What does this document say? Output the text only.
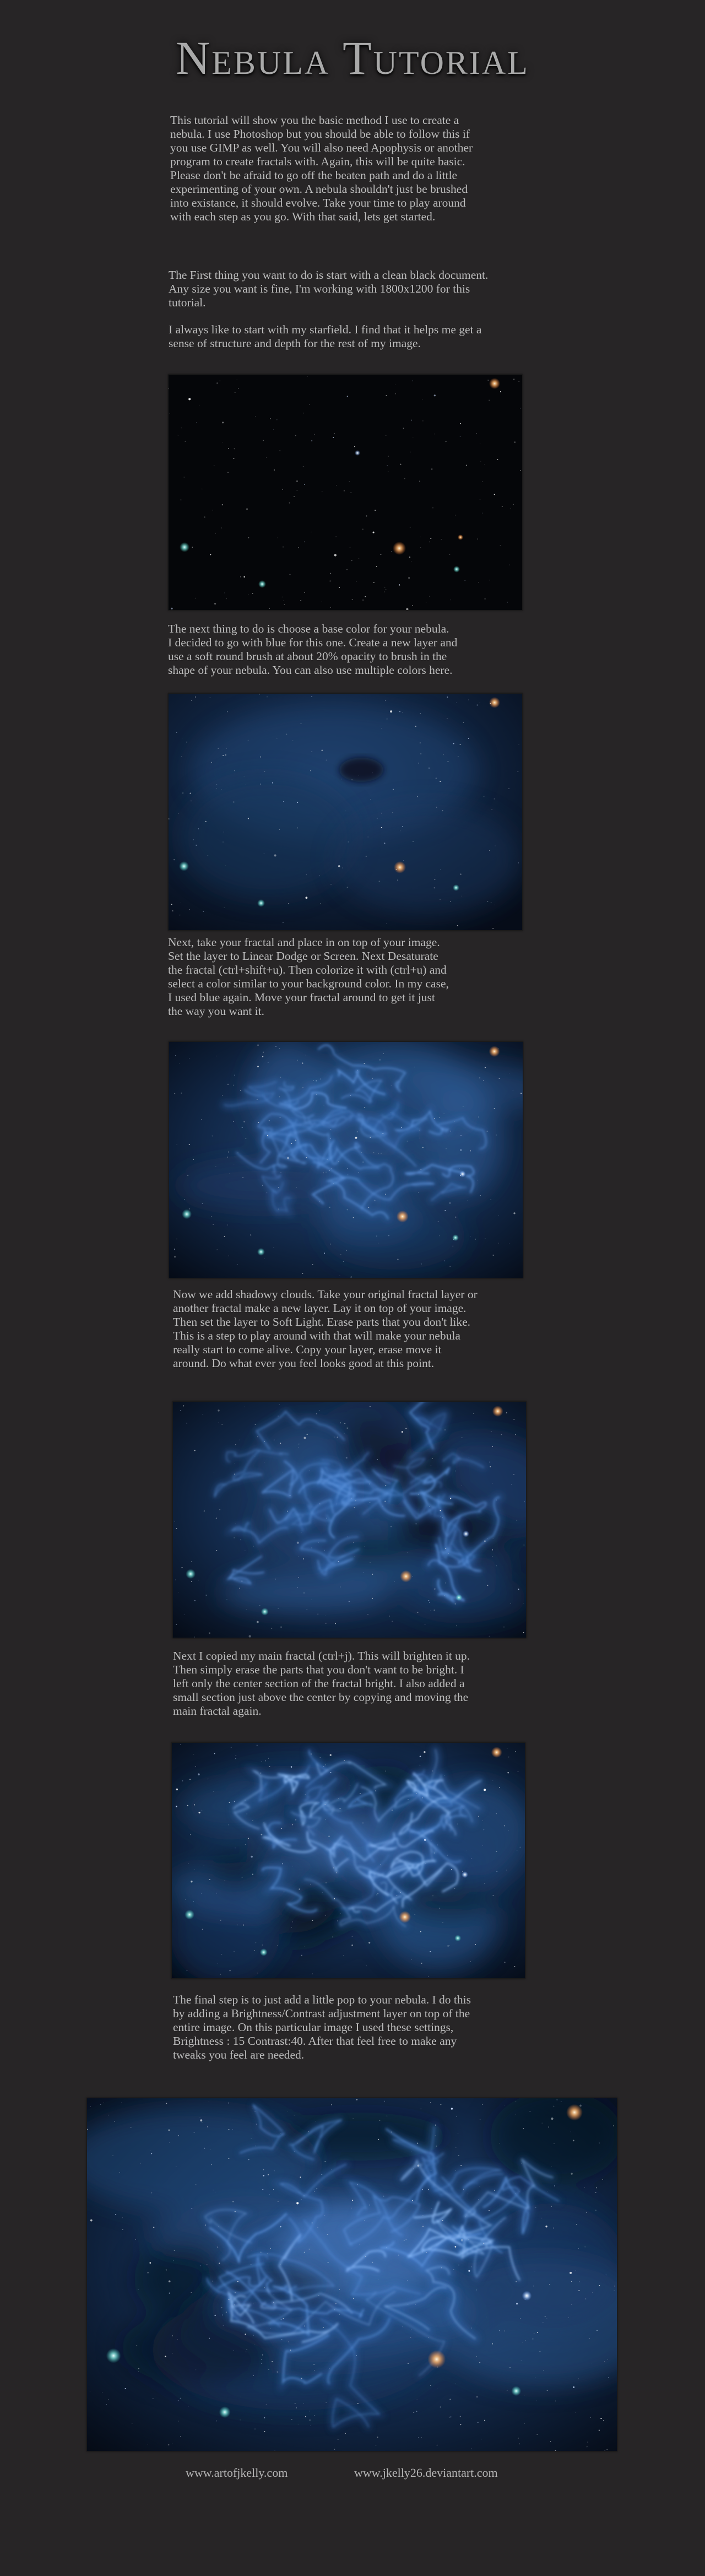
Nebula Tutorial

This tutorial will show you the basic method I use to create a
nebula. I use Photoshop but you should be able to follow this if
you use GIMP as well. You will also need Apophysis or another
program to create fractals with. Again, this will be quite basic.
Please don't be afraid to go off the beaten path and do a little
experimenting of your own. A nebula shouldn't just be brushed
into existance, it should evolve. Take your time to play around
with each step as you go. With that said, lets get started.

The First thing you want to do is start with a clean black document.
Any size you want is fine, I'm working with 1800x1200 for this
tutorial.

I always like to start with my starfield. I find that it helps me get a
sense of structure and depth for the rest of my image.

The next thing to do is choose a base color for your nebula.
I decided to go with blue for this one. Create a new layer and
use a soft round brush at about 20% opacity to brush in the
shape of your nebula. You can also use multiple colors here.

Next, take your fractal and place in on top of your image.
Set the layer to Linear Dodge or Screen. Next Desaturate
the fractal (ctrl+shift+u). Then colorize it with (ctrl+u) and
select a color similar to your background color. In my case,
I used blue again. Move your fractal around to get it just
the way you want it.

Now we add shadowy clouds. Take your original fractal layer or
another fractal make a new layer. Lay it on top of your image.
Then set the layer to Soft Light. Erase parts that you don't like.
This is a step to play around with that will make your nebula
really start to come alive. Copy your layer, erase move it
around. Do what ever you feel looks good at this point.

Next I copied my main fractal (ctrl+j). This will brighten it up.
Then simply erase the parts that you don't want to be bright. I
left only the center section of the fractal bright. I also added a
small section just above the center by copying and moving the
main fractal again.

The final step is to just add a little pop to your nebula. I do this
by adding a Brightness/Contrast adjustment layer on top of the
entire image. On this particular image I used these settings,
Brightness : 15 Contrast:40. After that feel free to make any
tweaks you feel are needed.

www.artofjkelly.com	www.jkelly26.deviantart.com
